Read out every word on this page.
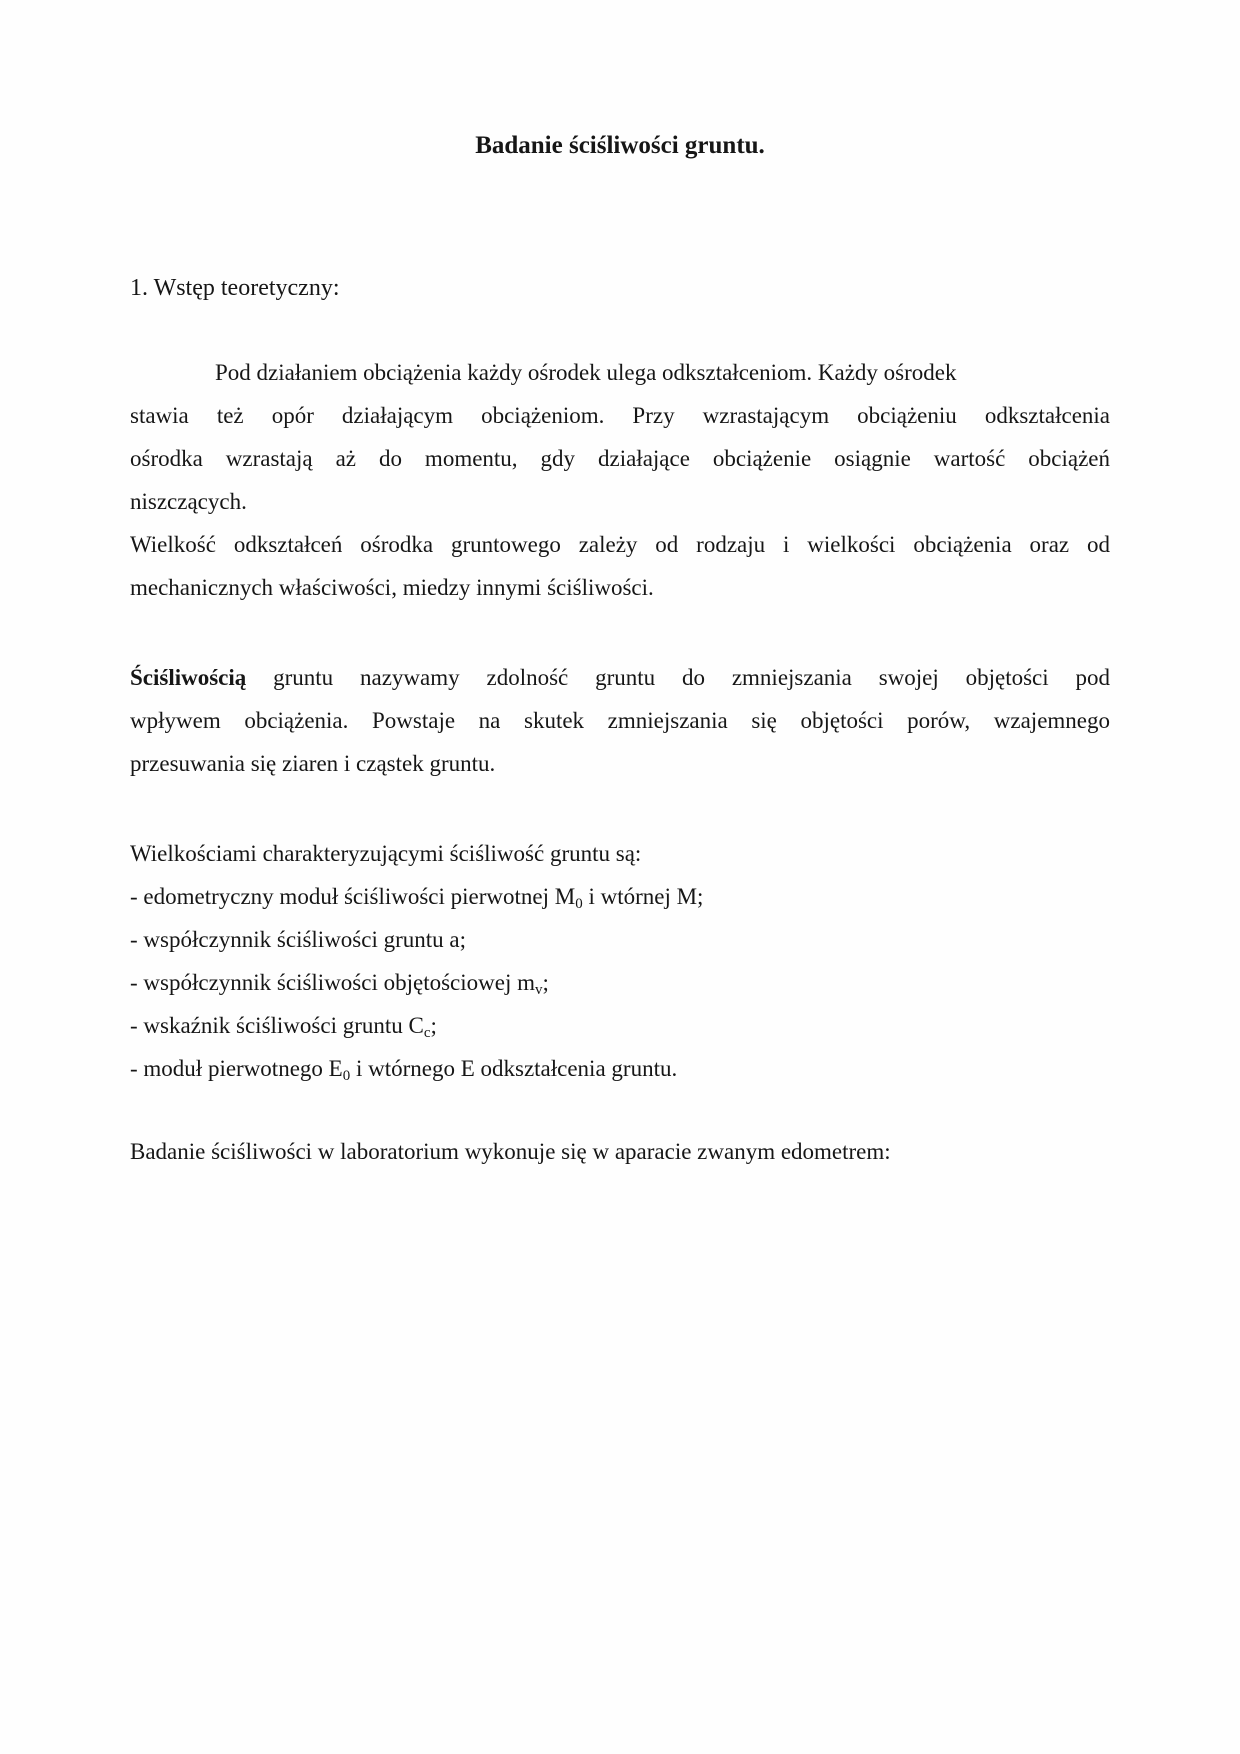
Badanie ściśliwości gruntu.
1. Wstęp teoretyczny:
Pod działaniem obciążenia każdy ośrodek ulega odkształceniom. Każdy ośrodek
stawia też opór działającym obciążeniom. Przy wzrastającym obciążeniu odkształcenia
ośrodka wzrastają aż do momentu, gdy działające obciążenie osiągnie wartość obciążeń
niszczących.
Wielkość odkształceń ośrodka gruntowego zależy od rodzaju i wielkości obciążenia oraz od
mechanicznych właściwości, miedzy innymi ściśliwości.
Ściśliwością gruntu nazywamy zdolność gruntu do zmniejszania swojej objętości pod
wpływem obciążenia. Powstaje na skutek zmniejszania się objętości porów, wzajemnego
przesuwania się ziaren i cząstek gruntu.
Wielkościami charakteryzującymi ściśliwość gruntu są:
- edometryczny moduł ściśliwości pierwotnej $M_0$ i wtórnej M;
- współczynnik ściśliwości gruntu a;
- współczynnik ściśliwości objętościowej $m_v$;
- wskaźnik ściśliwości gruntu $C_c$;
- moduł pierwotnego $E_0$ i wtórnego E odkształcenia gruntu.
Badanie ściśliwości w laboratorium wykonuje się w aparacie zwanym edometrem:
